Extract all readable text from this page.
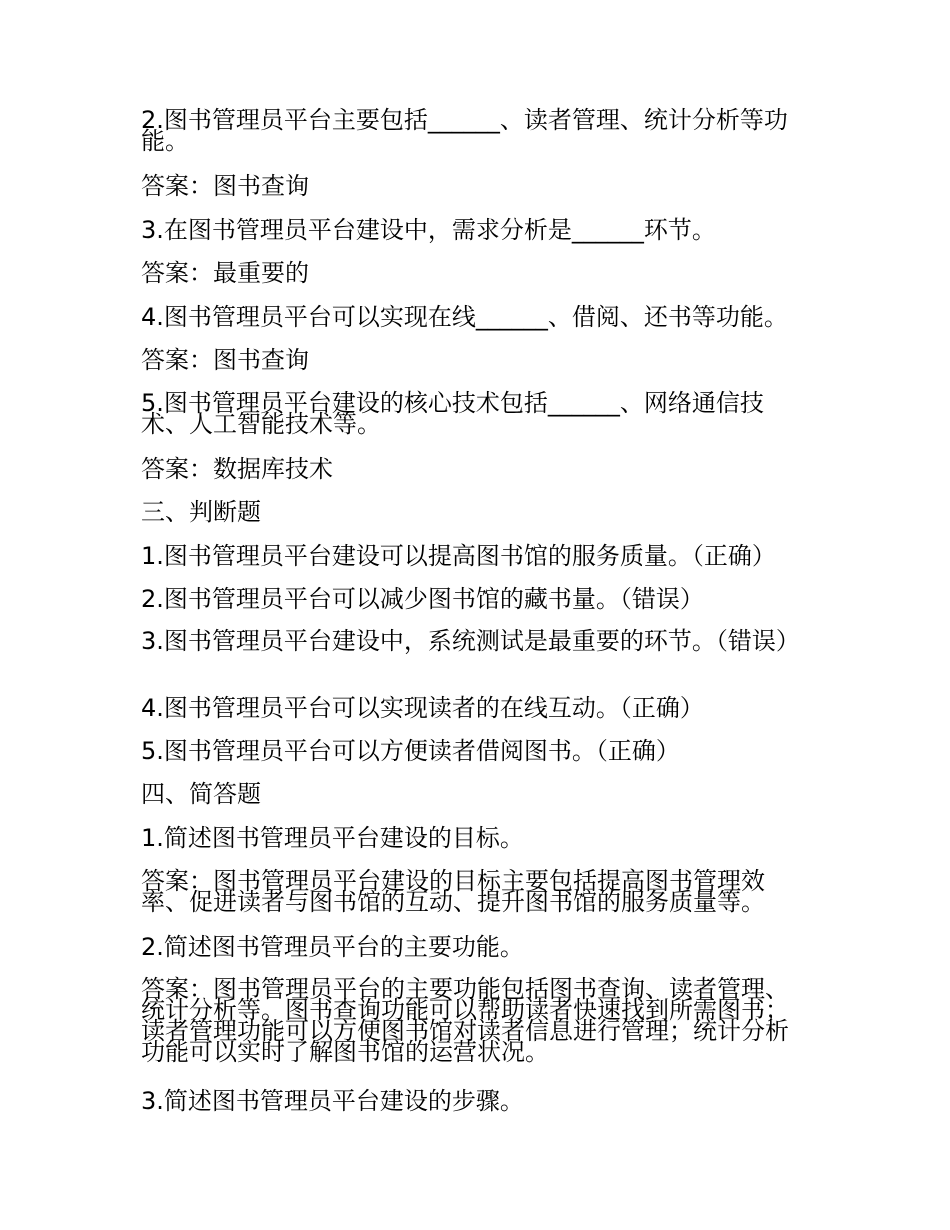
2.图书管理员平台主要包括______、读者管理、统计分析等功能。
答案：图书查询
3.在图书管理员平台建设中，需求分析是______环节。
答案：最重要的
4.图书管理员平台可以实现在线______、借阅、还书等功能。
答案：图书查询
5.图书管理员平台建设的核心技术包括______、网络通信技术、人工智能技术等。
答案：数据库技术
三、判断题
1.图书管理员平台建设可以提高图书馆的服务质量。（正确）
2.图书管理员平台可以减少图书馆的藏书量。（错误）
3.图书管理员平台建设中，系统测试是最重要的环节。（错误）
4.图书管理员平台可以实现读者的在线互动。（正确）
5.图书管理员平台可以方便读者借阅图书。（正确）
四、简答题
1.简述图书管理员平台建设的目标。
答案：图书管理员平台建设的目标主要包括提高图书管理效率、促进读者与图书馆的互动、提升图书馆的服务质量等。
2.简述图书管理员平台的主要功能。
答案：图书管理员平台的主要功能包括图书查询、读者管理、统计分析等。图书查询功能可以帮助读者快速找到所需图书；读者管理功能可以方便图书馆对读者信息进行管理；统计分析功能可以实时了解图书馆的运营状况。
3.简述图书管理员平台建设的步骤。
